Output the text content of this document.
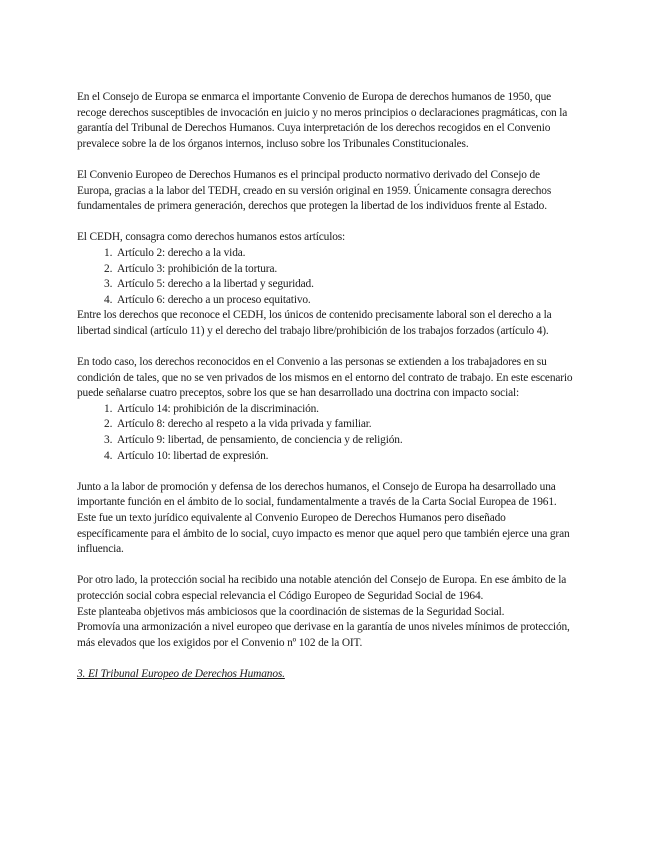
En el Consejo de Europa se enmarca el importante Convenio de Europa de derechos humanos de 1950, que recoge derechos susceptibles de invocación en juicio y no meros principios o declaraciones pragmáticas, con la garantía del Tribunal de Derechos Humanos. Cuya interpretación de los derechos recogidos en el Convenio prevalece sobre la de los órganos internos, incluso sobre los Tribunales Constitucionales.

El Convenio Europeo de Derechos Humanos es el principal producto normativo derivado del Consejo de Europa, gracias a la labor del TEDH, creado en su versión original en 1959. Únicamente consagra derechos fundamentales de primera generación, derechos que protegen la libertad de los individuos frente al Estado.

El CEDH, consagra como derechos humanos estos artículos:

1. Artículo 2: derecho a la vida.
2. Artículo 3: prohibición de la tortura.
3. Artículo 5: derecho a la libertad y seguridad.
4. Artículo 6: derecho a un proceso equitativo.

Entre los derechos que reconoce el CEDH, los únicos de contenido precisamente laboral son el derecho a la libertad sindical (artículo 11) y el derecho del trabajo libre/prohibición de los trabajos forzados (artículo 4).

En todo caso, los derechos reconocidos en el Convenio a las personas se extienden a los trabajadores en su condición de tales, que no se ven privados de los mismos en el entorno del contrato de trabajo. En este escenario puede señalarse cuatro preceptos, sobre los que se han desarrollado una doctrina con impacto social:

1. Artículo 14: prohibición de la discriminación.
2. Artículo 8: derecho al respeto a la vida privada y familiar.
3. Artículo 9: libertad, de pensamiento, de conciencia y de religión.
4. Artículo 10: libertad de expresión.

Junto a la labor de promoción y defensa de los derechos humanos, el Consejo de Europa ha desarrollado una importante función en el ámbito de lo social, fundamentalmente a través de la Carta Social Europea de 1961.

Este fue un texto jurídico equivalente al Convenio Europeo de Derechos Humanos pero diseñado específicamente para el ámbito de lo social, cuyo impacto es menor que aquel pero que también ejerce una gran influencia.

Por otro lado, la protección social ha recibido una notable atención del Consejo de Europa. En ese ámbito de la protección social cobra especial relevancia el Código Europeo de Seguridad Social de 1964.

Este planteaba objetivos más ambiciosos que la coordinación de sistemas de la Seguridad Social.

Promovía una armonización a nivel europeo que derivase en la garantía de unos niveles mínimos de protección, más elevados que los exigidos por el Convenio nº 102 de la OIT.

3. El Tribunal Europeo de Derechos Humanos.
